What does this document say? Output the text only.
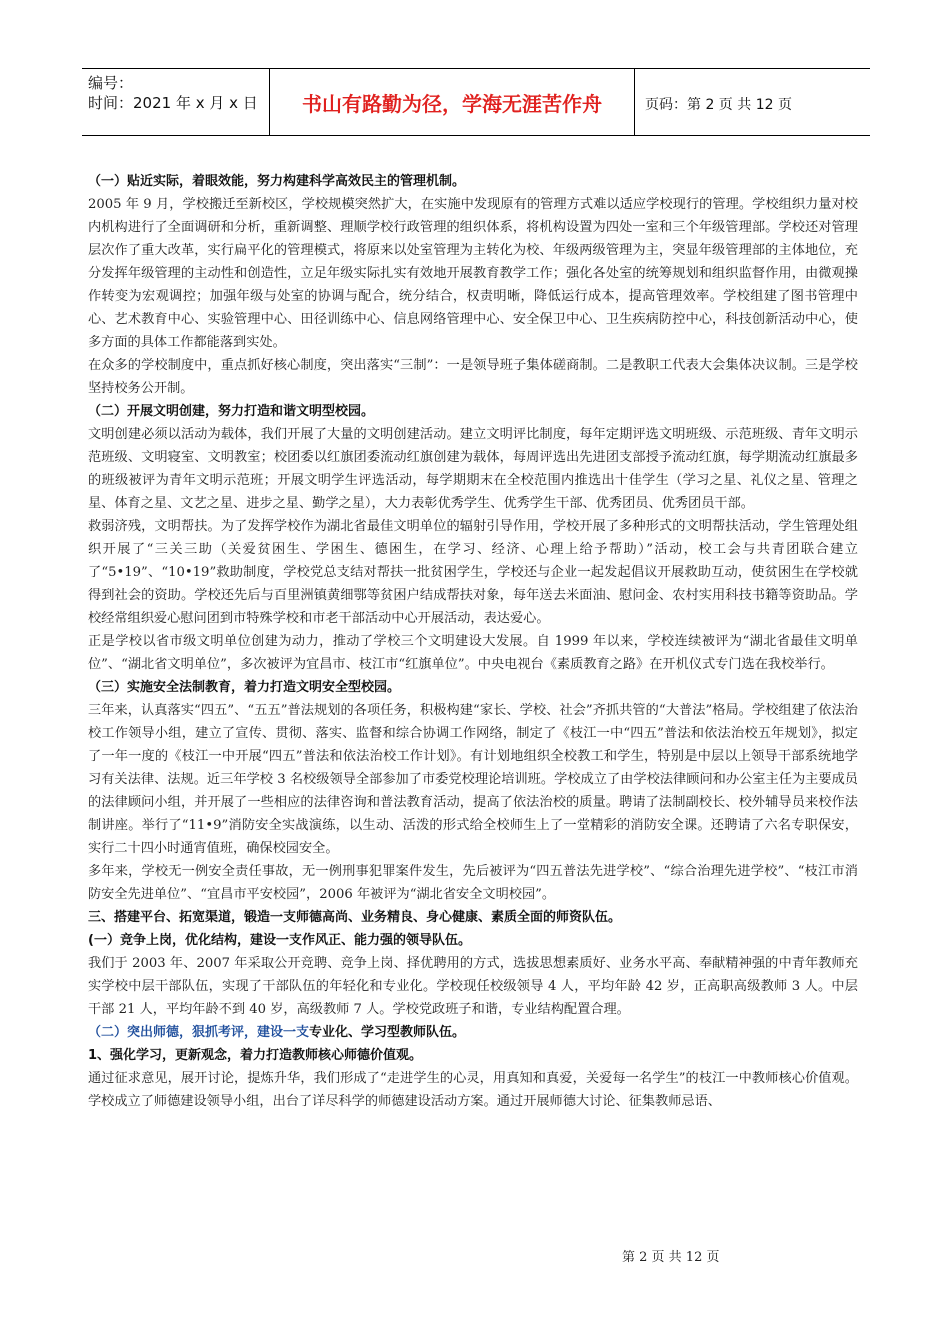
编号：
时间：2021 年 x 月 x 日	书山有路勤为径，学海无涯苦作舟	页码：第 2 页 共 12 页

（一）贴近实际，着眼效能，努力构建科学高效民主的管理机制。

2005 年 9 月，学校搬迁至新校区，学校规模突然扩大，在实施中发现原有的管理方式难以适应学校现行的管理。学校组织力量对校内机构进行了全面调研和分析，重新调整、理顺学校行政管理的组织体系，将机构设置为四处一室和三个年级管理部。学校还对管理层次作了重大改革，实行扁平化的管理模式，将原来以处室管理为主转化为校、年级两级管理为主，突显年级管理部的主体地位，充分发挥年级管理的主动性和创造性，立足年级实际扎实有效地开展教育教学工作；强化各处室的统筹规划和组织监督作用，由微观操作转变为宏观调控；加强年级与处室的协调与配合，统分结合，权责明晰，降低运行成本，提高管理效率。学校组建了图书管理中心、艺术教育中心、实验管理中心、田径训练中心、信息网络管理中心、安全保卫中心、卫生疾病防控中心，科技创新活动中心，使多方面的具体工作都能落到实处。

在众多的学校制度中，重点抓好核心制度，突出落实“三制”：一是领导班子集体磋商制。二是教职工代表大会集体决议制。三是学校坚持校务公开制。

（二）开展文明创建，努力打造和谐文明型校园。

文明创建必须以活动为载体，我们开展了大量的文明创建活动。建立文明评比制度，每年定期评选文明班级、示范班级、青年文明示范班级、文明寝室、文明教室；校团委以红旗团委流动红旗创建为载体，每周评选出先进团支部授予流动红旗，每学期流动红旗最多的班级被评为青年文明示范班；开展文明学生评选活动，每学期期末在全校范围内推选出十佳学生（学习之星、礼仪之星、管理之星、体育之星、文艺之星、进步之星、勤学之星），大力表彰优秀学生、优秀学生干部、优秀团员、优秀团员干部。

救弱济残，文明帮扶。为了发挥学校作为湖北省最佳文明单位的辐射引导作用，学校开展了多种形式的文明帮扶活动，学生管理处组织开展了“三关三助（关爱贫困生、学困生、德困生，在学习、经济、心理上给予帮助）”活动，校工会与共青团联合建立了“5•19”、“10•19”救助制度，学校党总支结对帮扶一批贫困学生，学校还与企业一起发起倡议开展救助互动，使贫困生在学校就得到社会的资助。学校还先后与百里洲镇黄细鄂等贫困户结成帮扶对象，每年送去米面油、慰问金、农村实用科技书籍等资助品。学校经常组织爱心慰问团到市特殊学校和市老干部活动中心开展活动，表达爱心。

正是学校以省市级文明单位创建为动力，推动了学校三个文明建设大发展。自 1999 年以来，学校连续被评为“湖北省最佳文明单位”、“湖北省文明单位”，多次被评为宜昌市、枝江市“红旗单位”。中央电视台《素质教育之路》在开机仪式专门选在我校举行。

（三）实施安全法制教育，着力打造文明安全型校园。

三年来，认真落实“四五”、“五五”普法规划的各项任务，积极构建“家长、学校、社会”齐抓共管的“大普法”格局。学校组建了依法治校工作领导小组，建立了宣传、贯彻、落实、监督和综合协调工作网络，制定了《枝江一中“四五”普法和依法治校五年规划》，拟定了一年一度的《枝江一中开展“四五”普法和依法治校工作计划》。有计划地组织全校教工和学生，特别是中层以上领导干部系统地学习有关法律、法规。近三年学校 3 名校级领导全部参加了市委党校理论培训班。学校成立了由学校法律顾问和办公室主任为主要成员的法律顾问小组，并开展了一些相应的法律咨询和普法教育活动，提高了依法治校的质量。聘请了法制副校长、校外辅导员来校作法制讲座。举行了“11•9”消防安全实战演练，以生动、活泼的形式给全校师生上了一堂精彩的消防安全课。还聘请了六名专职保安，实行二十四小时通宵值班，确保校园安全。

多年来，学校无一例安全责任事故，无一例刑事犯罪案件发生，先后被评为“四五普法先进学校”、“综合治理先进学校”、“枝江市消防安全先进单位”、“宜昌市平安校园”，2006 年被评为“湖北省安全文明校园”。

三、搭建平台、拓宽渠道，锻造一支师德高尚、业务精良、身心健康、素质全面的师资队伍。

(一）竞争上岗，优化结构，建设一支作风正、能力强的领导队伍。

我们于 2003 年、2007 年采取公开竞聘、竞争上岗、择优聘用的方式，选拔思想素质好、业务水平高、奉献精神强的中青年教师充实学校中层干部队伍，实现了干部队伍的年轻化和专业化。学校现任校级领导 4 人，平均年龄 42 岁，正高职高级教师 3 人。中层干部 21 人，平均年龄不到 40 岁，高级教师 7 人。学校党政班子和谐，专业结构配置合理。

（二）突出师德，狠抓考评，建设一支专业化、学习型教师队伍。

1、强化学习，更新观念，着力打造教师核心师德价值观。

通过征求意见，展开讨论，提炼升华，我们形成了“走进学生的心灵，用真知和真爱，关爱每一名学生”的枝江一中教师核心价值观。学校成立了师德建设领导小组，出台了详尽科学的师德建设活动方案。通过开展师德大讨论、征集教师忌语、

第 2 页 共 12 页
